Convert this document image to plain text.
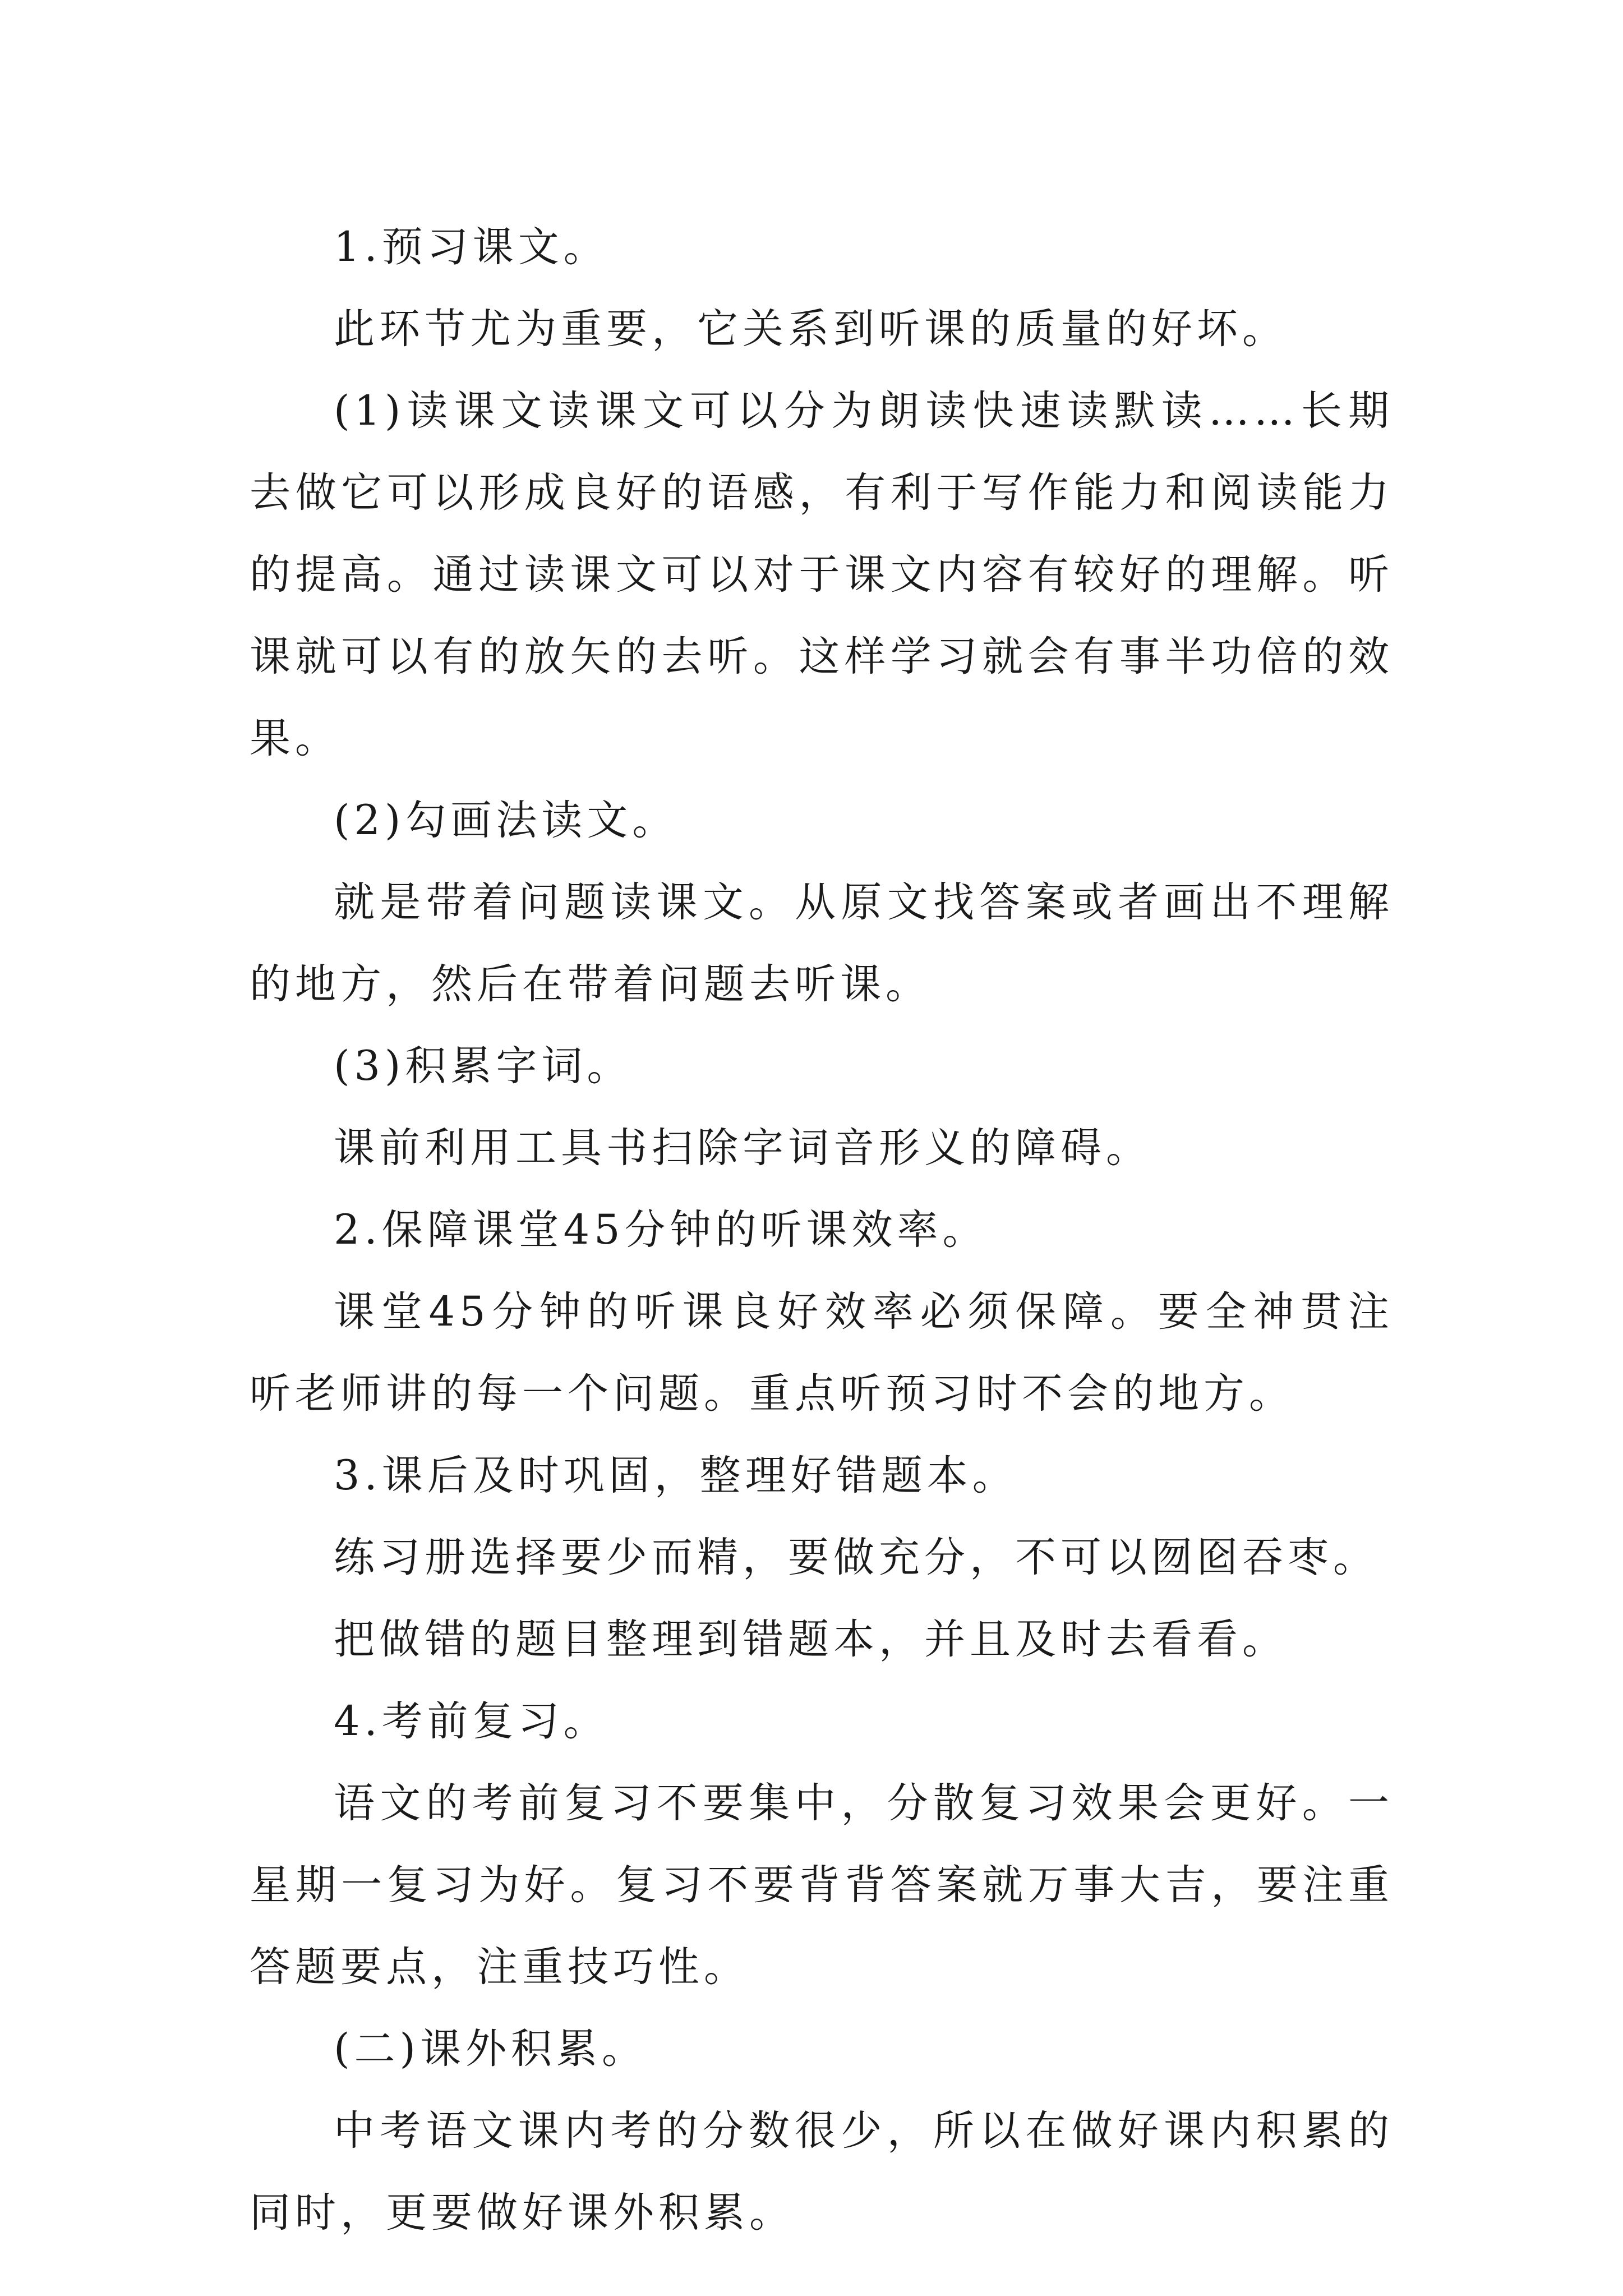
1.预习课文。

此环节尤为重要，它关系到听课的质量的好坏。

(1)读课文读课文可以分为朗读快速读默读……长期去做它可以形成良好的语感，有利于写作能力和阅读能力的提高。通过读课文可以对于课文内容有较好的理解。听课就可以有的放矢的去听。这样学习就会有事半功倍的效果。

(2)勾画法读文。

就是带着问题读课文。从原文找答案或者画出不理解的地方，然后在带着问题去听课。

(3)积累字词。

课前利用工具书扫除字词音形义的障碍。

2.保障课堂45分钟的听课效率。

课堂45分钟的听课良好效率必须保障。要全神贯注听老师讲的每一个问题。重点听预习时不会的地方。

3.课后及时巩固，整理好错题本。

练习册选择要少而精，要做充分，不可以囫囵吞枣。

把做错的题目整理到错题本，并且及时去看看。

4.考前复习。

语文的考前复习不要集中，分散复习效果会更好。一星期一复习为好。复习不要背背答案就万事大吉，要注重答题要点，注重技巧性。

(二)课外积累。

中考语文课内考的分数很少，所以在做好课内积累的同时，更要做好课外积累。
